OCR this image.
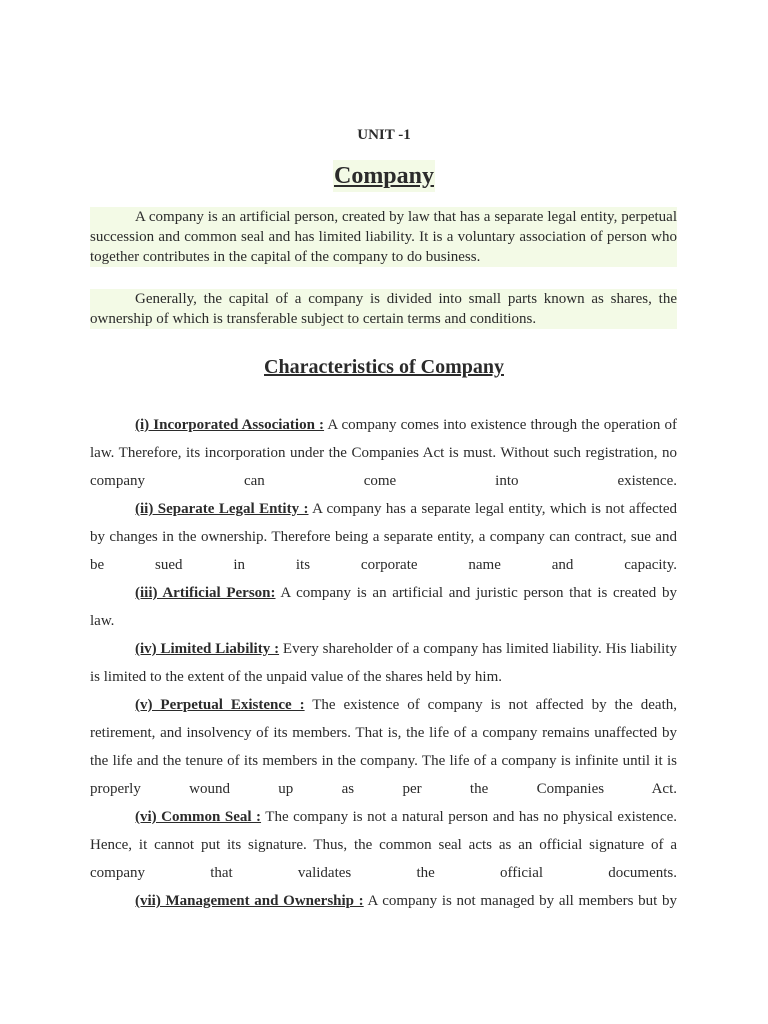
UNIT -1
Company

A company is an artificial person, created by law that has a separate legal entity, perpetual succession and common seal and has limited liability. It is a voluntary association of person who together contributes in the capital of the company to do business.

Generally, the capital of a company is divided into small parts known as shares, the ownership of which is transferable subject to certain terms and conditions.

Characteristics of Company

(i) Incorporated Association : A company comes into existence through the operation of law. Therefore, its incorporation under the Companies Act is must. Without such registration, no company can come into existence.

(ii) Separate Legal Entity : A company has a separate legal entity, which is not affected by changes in the ownership. Therefore being a separate entity, a company can contract, sue and be sued in its corporate name and capacity.

(iii) Artificial Person: A company is an artificial and juristic person that is created by law.

(iv) Limited Liability : Every shareholder of a company has limited liability. His liability is limited to the extent of the unpaid value of the shares held by him.

(v) Perpetual Existence : The existence of company is not affected by the death, retirement, and insolvency of its members. That is, the life of a company remains unaffected by the life and the tenure of its members in the company. The life of a company is infinite until it is properly wound up as per the Companies Act.

(vi) Common Seal : The company is not a natural person and has no physical existence. Hence, it cannot put its signature. Thus, the common seal acts as an official signature of a company that validates the official documents.

(vii) Management and Ownership : A company is not managed by all members but by
